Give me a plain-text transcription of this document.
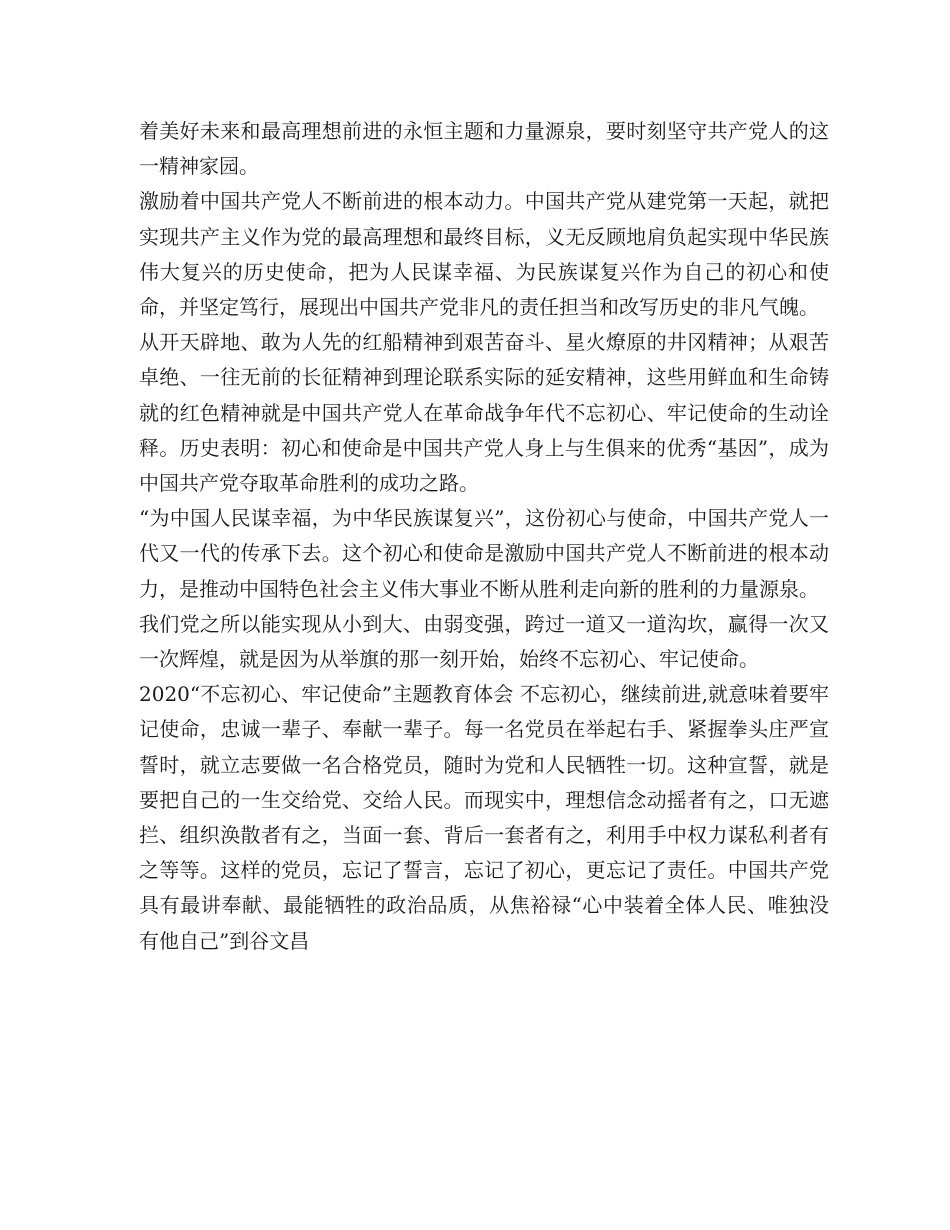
着美好未来和最高理想前进的永恒主题和力量源泉，要时刻坚守共产党人的这一精神家园。

激励着中国共产党人不断前进的根本动力。中国共产党从建党第一天起，就把实现共产主义作为党的最高理想和最终目标，义无反顾地肩负起实现中华民族伟大复兴的历史使命，把为人民谋幸福、为民族谋复兴作为自己的初心和使命，并坚定笃行，展现出中国共产党非凡的责任担当和改写历史的非凡气魄。

从开天辟地、敢为人先的红船精神到艰苦奋斗、星火燎原的井冈精神；从艰苦卓绝、一往无前的长征精神到理论联系实际的延安精神，这些用鲜血和生命铸就的红色精神就是中国共产党人在革命战争年代不忘初心、牢记使命的生动诠释。历史表明：初心和使命是中国共产党人身上与生俱来的优秀“基因”，成为中国共产党夺取革命胜利的成功之路。

“为中国人民谋幸福，为中华民族谋复兴”，这份初心与使命，中国共产党人一代又一代的传承下去。这个初心和使命是激励中国共产党人不断前进的根本动力，是推动中国特色社会主义伟大事业不断从胜利走向新的胜利的力量源泉。

我们党之所以能实现从小到大、由弱变强，跨过一道又一道沟坎，赢得一次又一次辉煌，就是因为从举旗的那一刻开始，始终不忘初心、牢记使命。

2020“不忘初心、牢记使命”主题教育体会 不忘初心，继续前进,就意味着要牢记使命，忠诚一辈子、奉献一辈子。每一名党员在举起右手、紧握拳头庄严宣誓时，就立志要做一名合格党员，随时为党和人民牺牲一切。这种宣誓，就是要把自己的一生交给党、交给人民。而现实中，理想信念动摇者有之，口无遮拦、组织涣散者有之，当面一套、背后一套者有之，利用手中权力谋私利者有之等等。这样的党员，忘记了誓言，忘记了初心，更忘记了责任。中国共产党具有最讲奉献、最能牺牲的政治品质，从焦裕禄“心中装着全体人民、唯独没有他自己”到谷文昌
